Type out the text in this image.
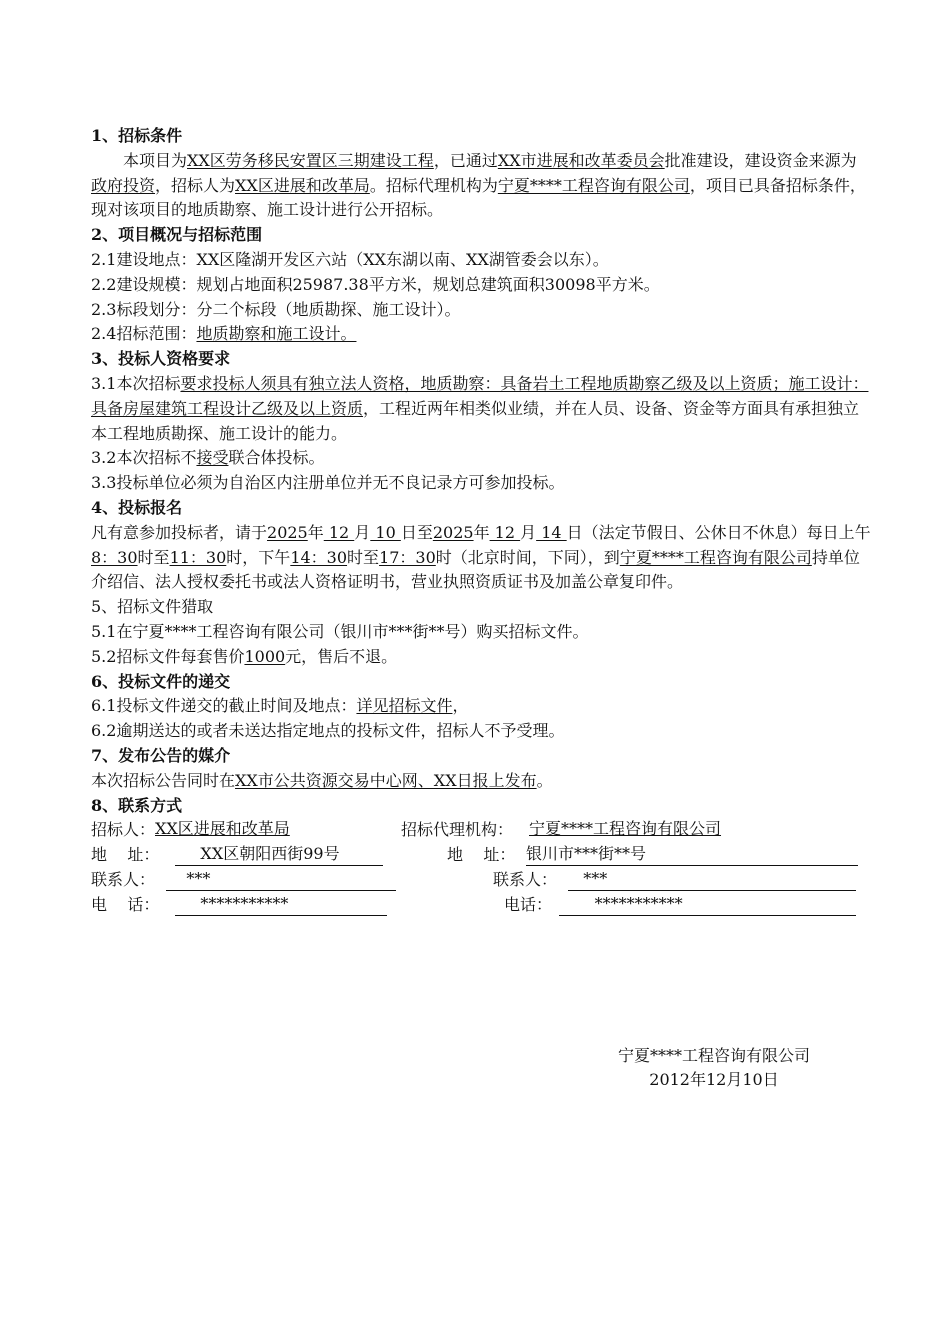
1、招标条件
本项目为XX区劳务移民安置区三期建设工程，已通过XX市进展和改革委员会批准建设，建设资金来源为 政府投资，招标人为XX区进展和改革局。招标代理机构为宁夏****工程咨询有限公司，项目已具备招标条件，现对该项目的地质勘察、施工设计进行公开招标。
2、项目概况与招标范围
2.1建设地点：XX区隆湖开发区六站（XX东湖以南、XX湖管委会以东）。
2.2建设规模：规划占地面积25987.38平方米，规划总建筑面积30098平方米。
2.3标段划分：分二个标段（地质勘探、施工设计）。
2.4招标范围：地质勘察和施工设计。
3、投标人资格要求
3.1本次招标要求投标人须具有独立法人资格，地质勘察：具备岩土工程地质勘察乙级及以上资质；施工设计：具备房屋建筑工程设计乙级及以上资质，工程近两年相类似业绩，并在人员、设备、资金等方面具有承担独立本工程地质勘探、施工设计的能力。
3.2本次招标不接受联合体投标。
3.3投标单位必须为自治区内注册单位并无不良记录方可参加投标。
4、投标报名
凡有意参加投标者，请于2025年 12 月 10 日至2025年 12 月 14 日（法定节假日、公休日不休息）每日上午8：30时至11：30时，下午14：30时至17：30时（北京时间，下同），到宁夏****工程咨询有限公司持单位介绍信、法人授权委托书或法人资格证明书，营业执照资质证书及加盖公章复印件。
5、招标文件猎取
5.1在宁夏****工程咨询有限公司（银川市***街**号）购买招标文件。
5.2招标文件每套售价1000元，售后不退。
6、投标文件的递交
6.1投标文件递交的截止时间及地点：详见招标文件，
6.2逾期送达的或者未送达指定地点的投标文件，招标人不予受理。
7、发布公告的媒介
本次招标公告同时在XX市公共资源交易中心网、XX日报上发布。
8、联系方式
招标人： XX区进展和改革局	招标代理机构： 宁夏****工程咨询有限公司
地    址： XX区朝阳西街99号	地    址： 银川市***街**号
联系人： ***	联系人： ***
电    话： ***********	电话： ***********
宁夏****工程咨询有限公司
2012年12月10日
